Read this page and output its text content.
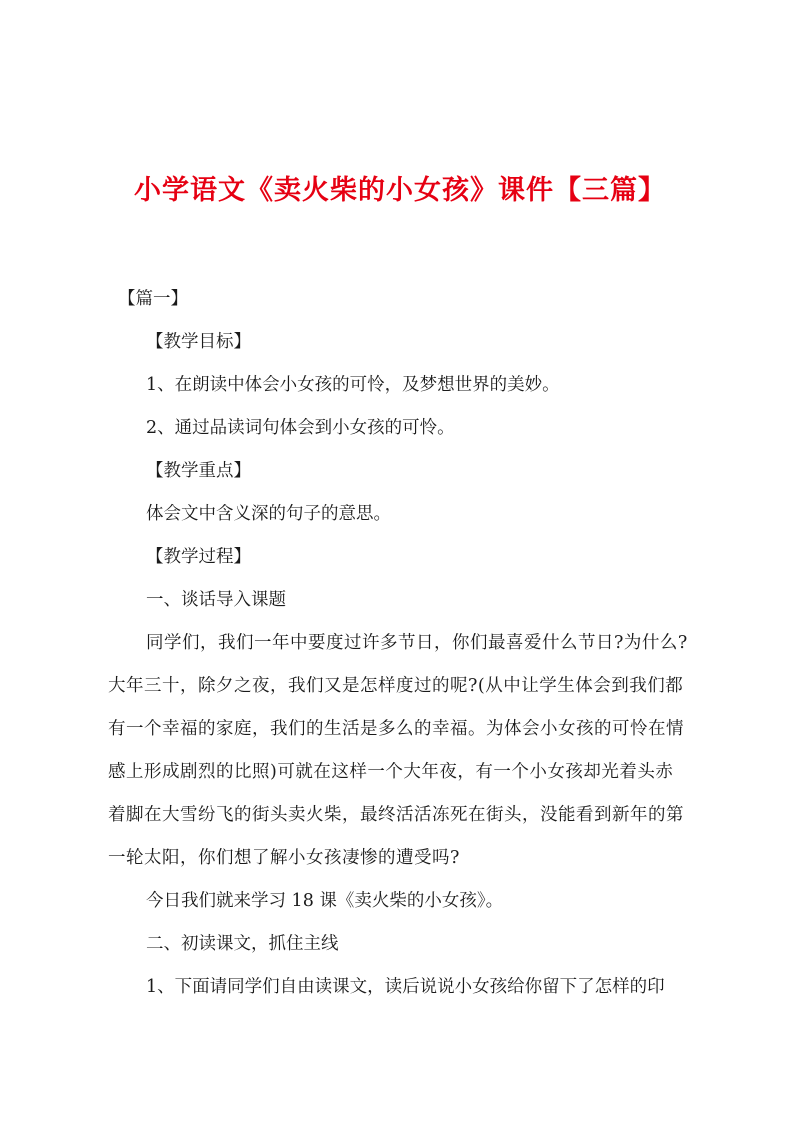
小学语文《卖火柴的小女孩》课件【三篇】
【篇一】
【教学目标】
1、在朗读中体会小女孩的可怜，及梦想世界的美妙。
2、通过品读词句体会到小女孩的可怜。
【教学重点】
体会文中含义深的句子的意思。
【教学过程】
一、谈话导入课题
同学们，我们一年中要度过许多节日，你们最喜爱什么节日?为什么?
大年三十，除夕之夜，我们又是怎样度过的呢?(从中让学生体会到我们都
有一个幸福的家庭，我们的生活是多么的幸福。为体会小女孩的可怜在情
感上形成剧烈的比照)可就在这样一个大年夜，有一个小女孩却光着头赤
着脚在大雪纷飞的街头卖火柴，最终活活冻死在街头，没能看到新年的第
一轮太阳，你们想了解小女孩凄惨的遭受吗?
今日我们就来学习 18 课《卖火柴的小女孩》。
二、初读课文，抓住主线
1、下面请同学们自由读课文，读后说说小女孩给你留下了怎样的印
